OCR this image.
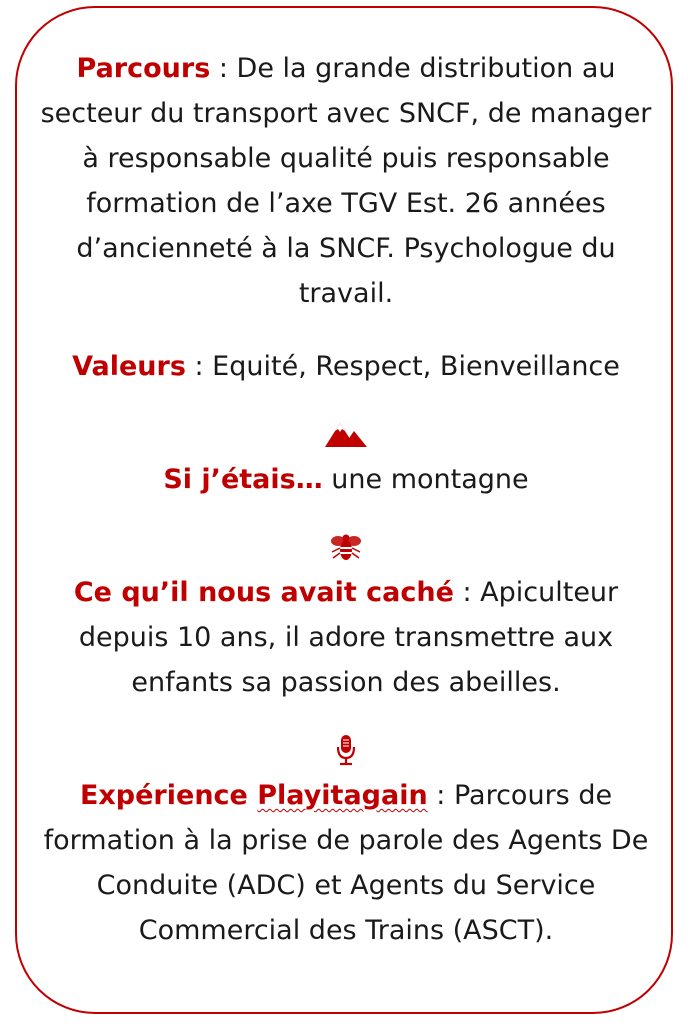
Parcours : De la grande distribution au secteur du transport avec SNCF, de manager à responsable qualité puis responsable formation de l’axe TGV Est. 26 années d’ancienneté à la SNCF. Psychologue du travail.

Valeurs : Equité, Respect, Bienveillance

Si j’étais… une montagne

Ce qu’il nous avait caché : Apiculteur depuis 10 ans, il adore transmettre aux enfants sa passion des abeilles.

Expérience Playitagain : Parcours de formation à la prise de parole des Agents De Conduite (ADC) et Agents du Service Commercial des Trains (ASCT).
